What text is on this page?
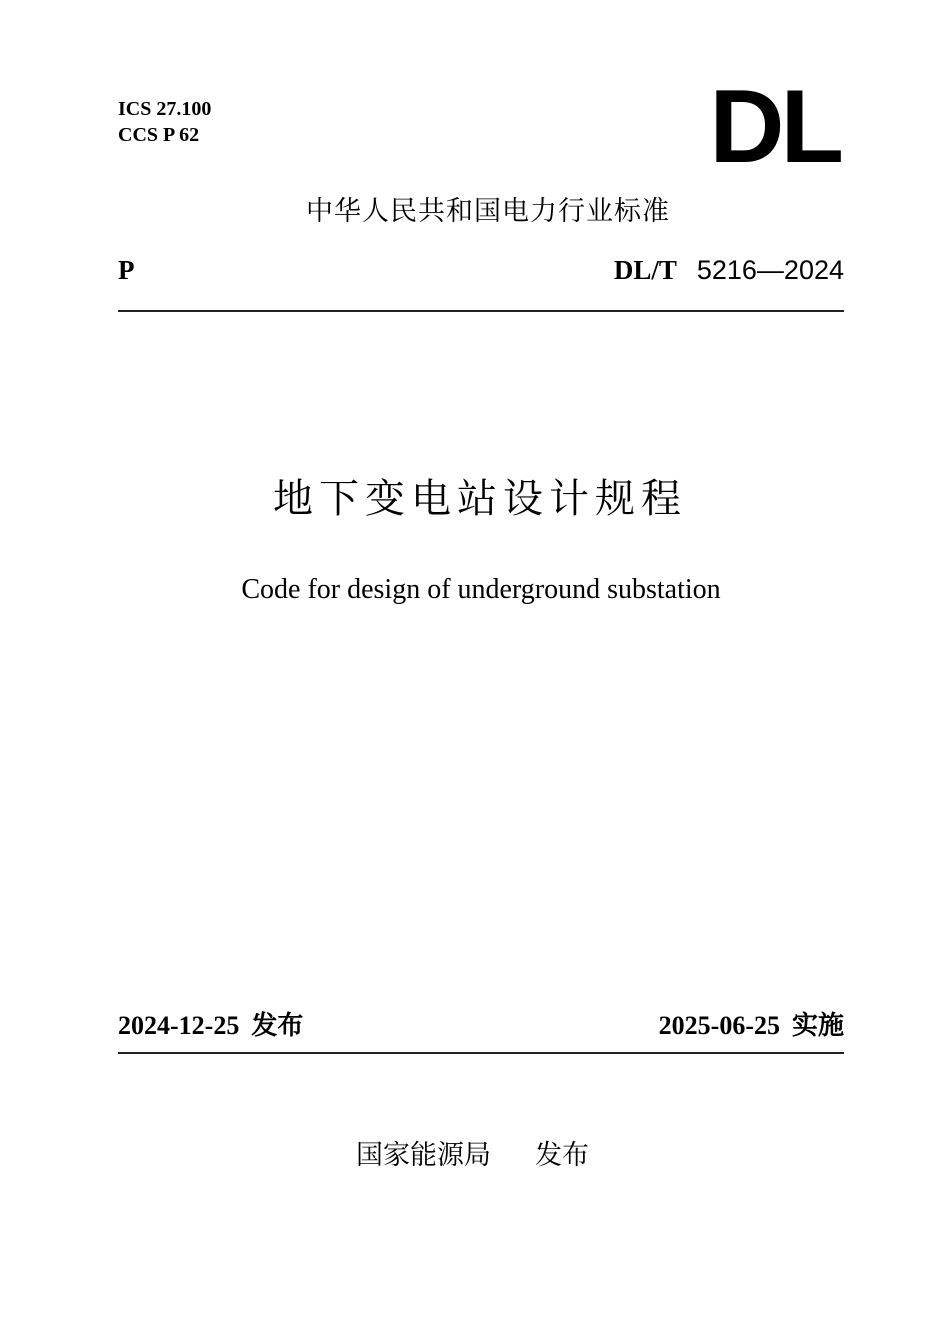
ICS 27.100
CCS P 62	DL
中华人民共和国电力行业标准
P	DL/T 5216—2024
地下变电站设计规程
Code for design of underground substation
2024-12-25 发布	2025-06-25 实施
国家能源局 发布
